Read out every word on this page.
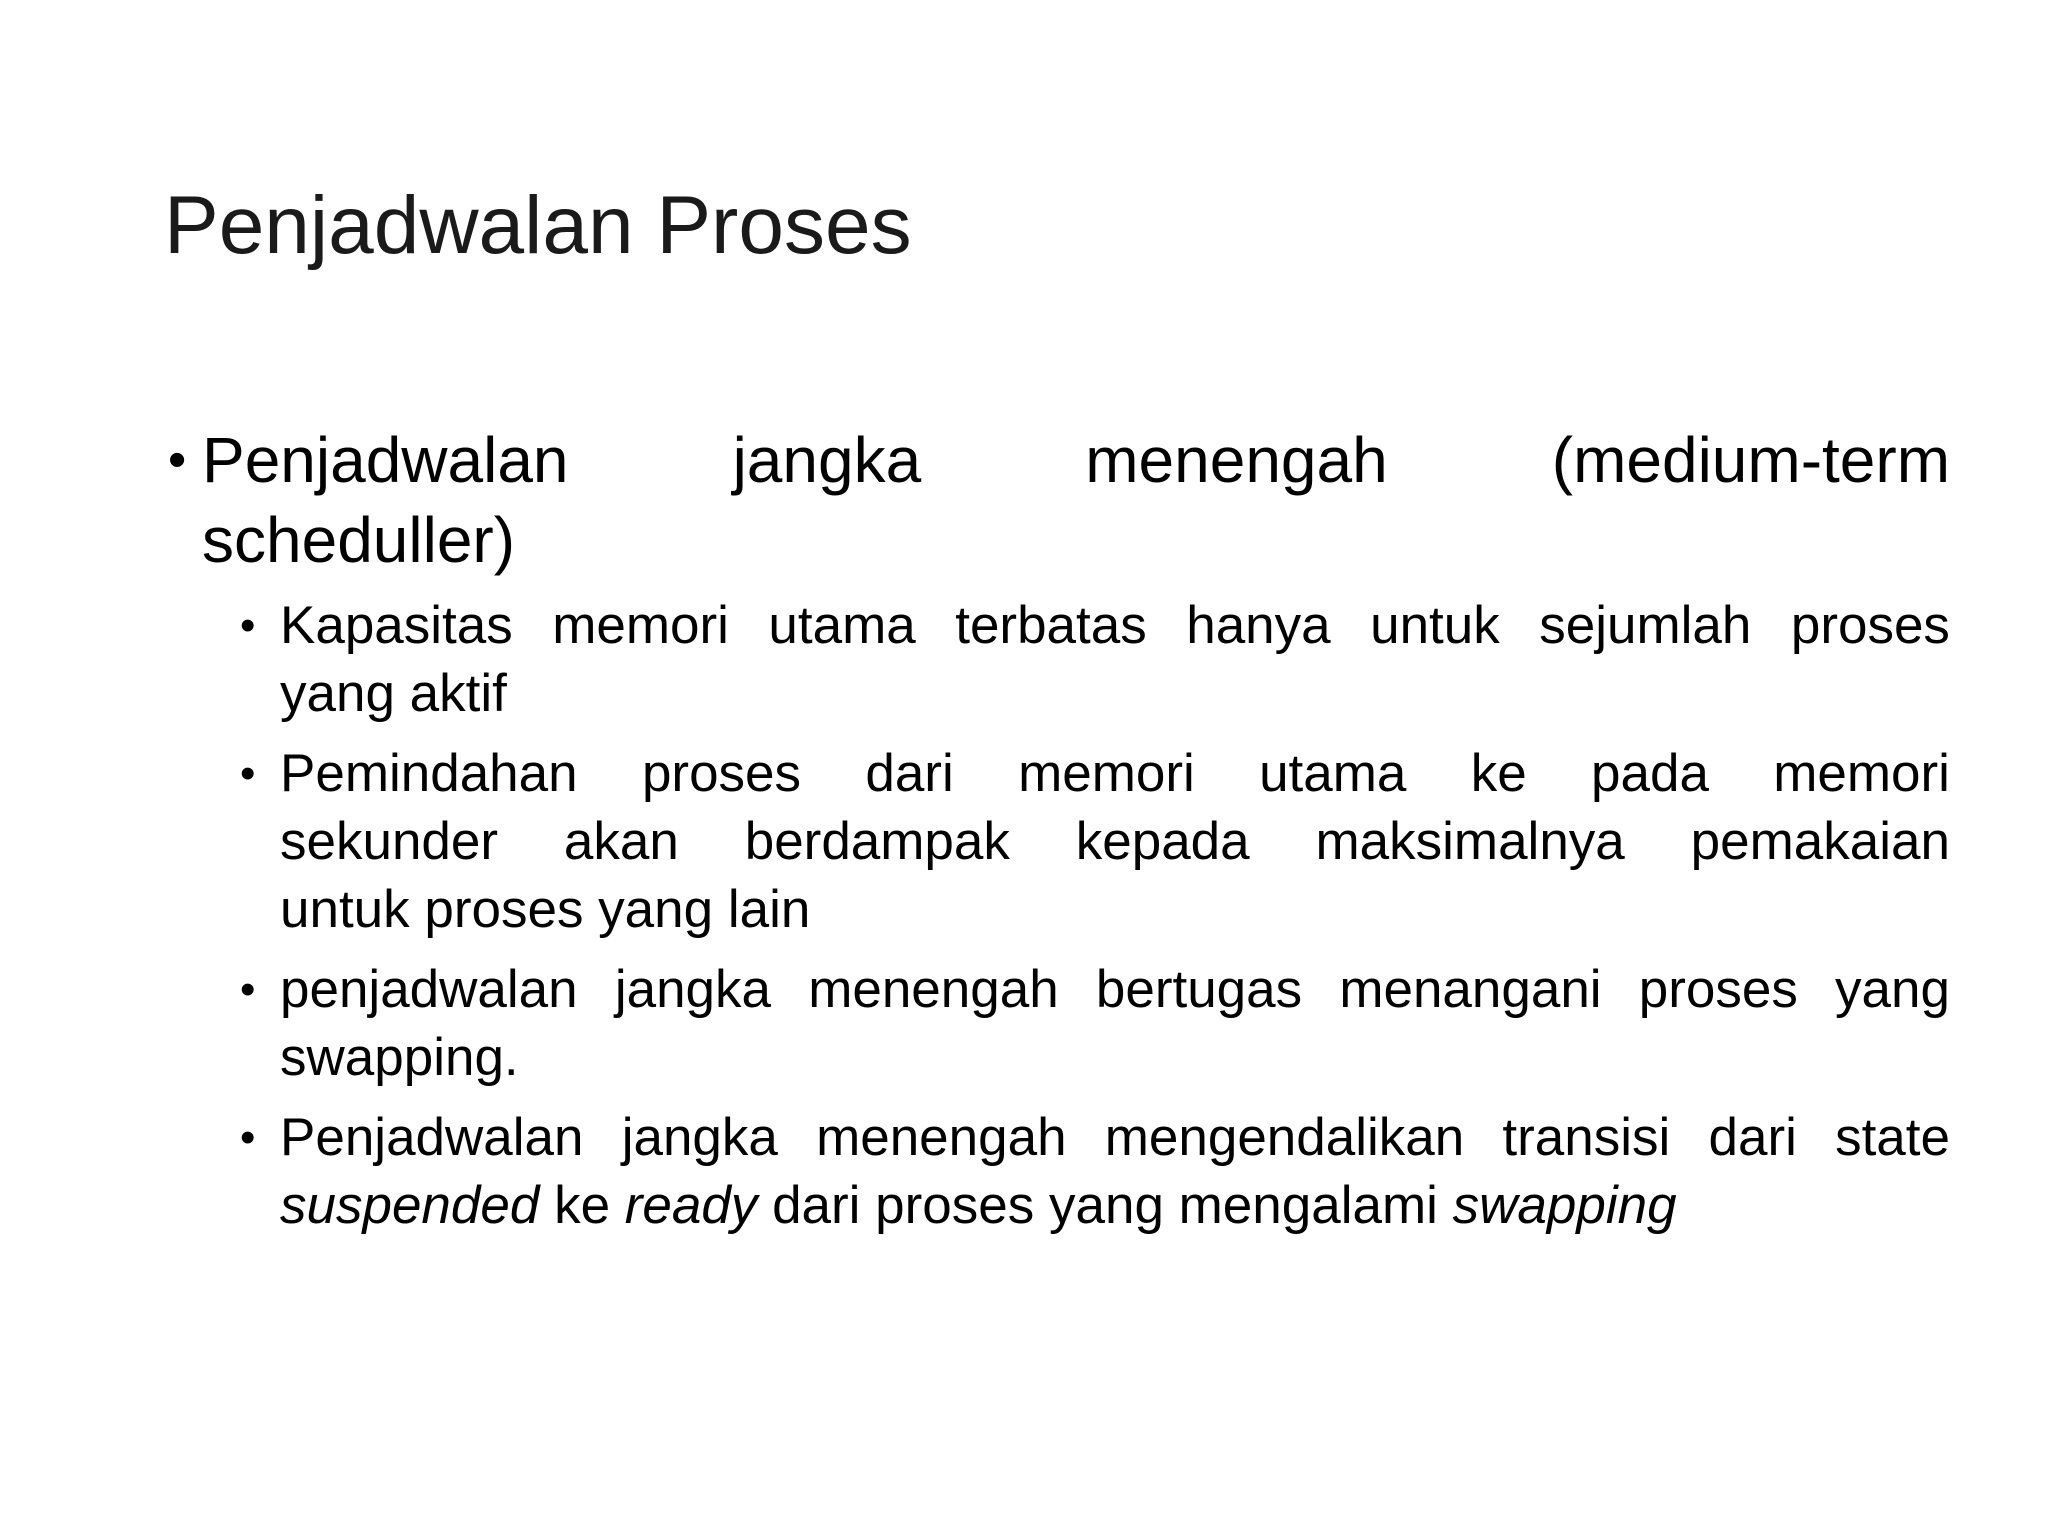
Penjadwalan Proses
• Penjadwalan	jangka	menengah	(medium-term
scheduller)
• Kapasitas memori utama terbatas hanya untuk sejumlah proses
yang aktif
• Pemindahan proses dari memori utama ke pada memori
sekunder akan berdampak kepada maksimalnya pemakaian
untuk proses yang lain
• penjadwalan jangka menengah bertugas menangani proses yang
swapping.
• Penjadwalan jangka menengah mengendalikan transisi dari state
suspended ke ready dari proses yang mengalami swapping
